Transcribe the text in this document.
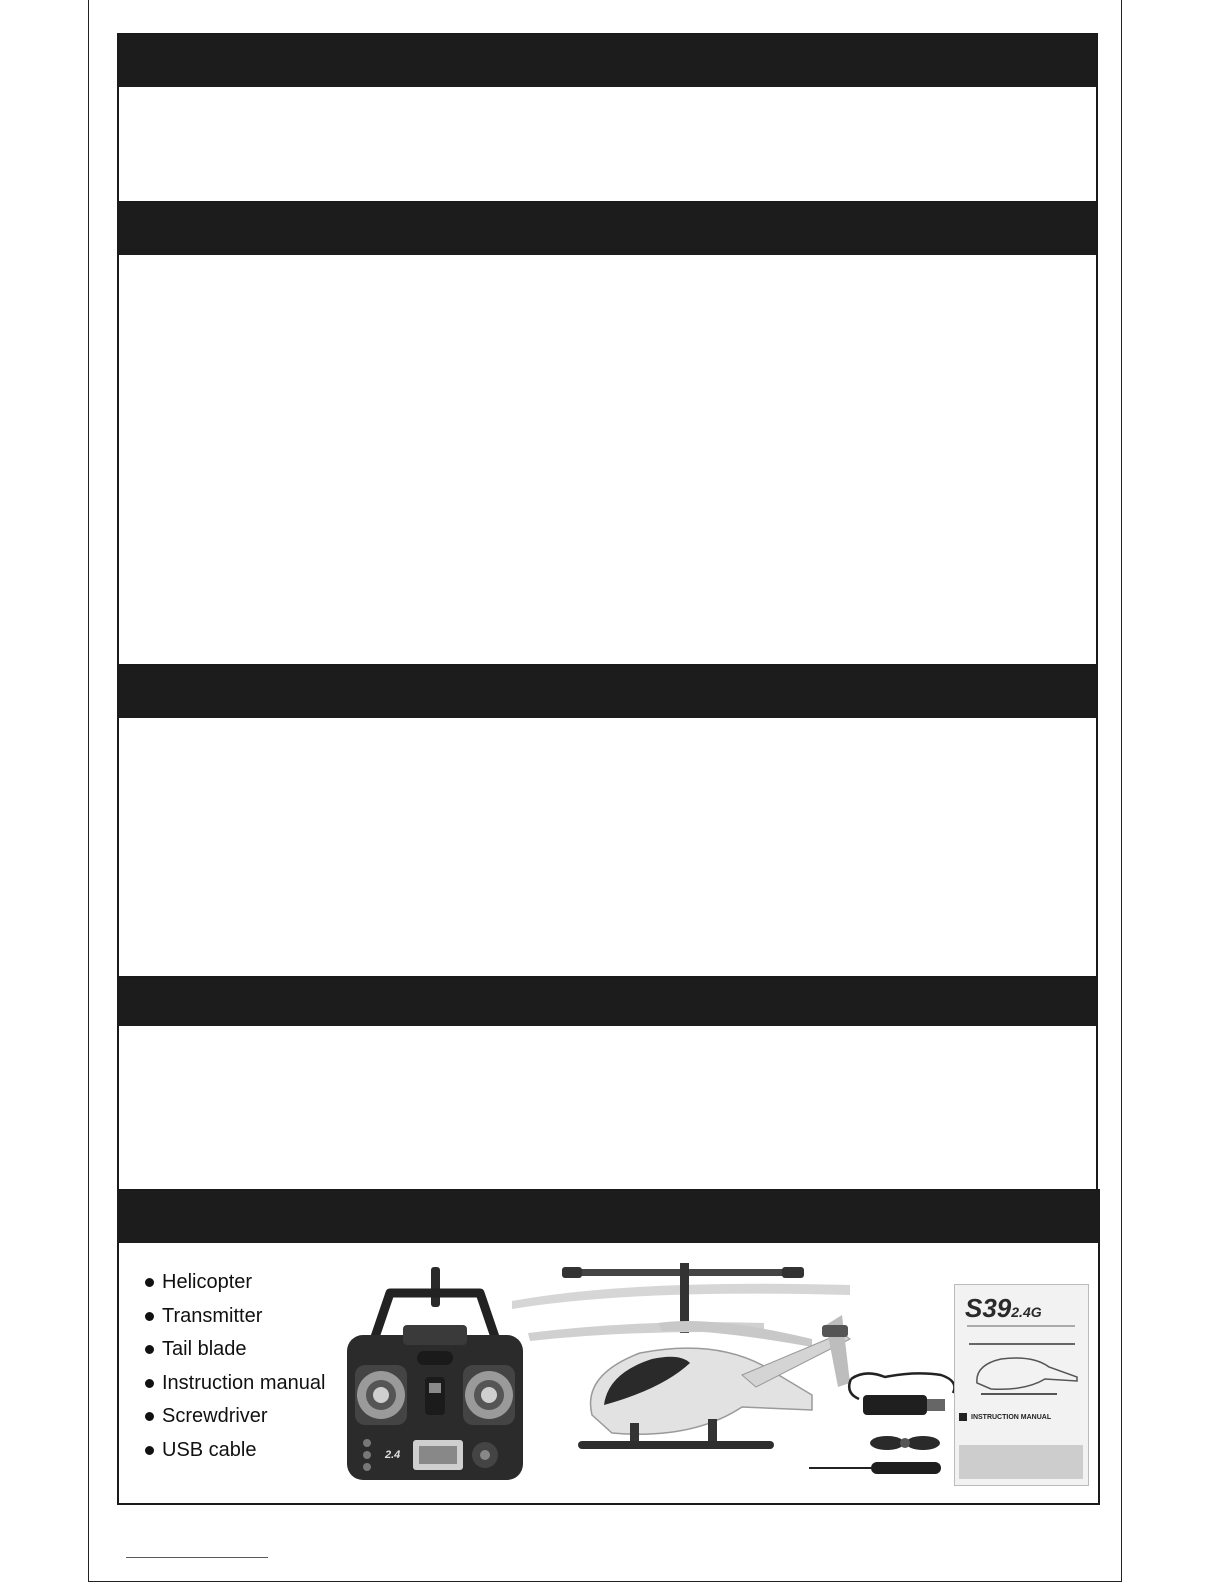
Helicopter
Transmitter
Tail blade
Instruction manual
Screwdriver
USB cable	2.4
S392.4G
INSTRUCTION MANUAL
